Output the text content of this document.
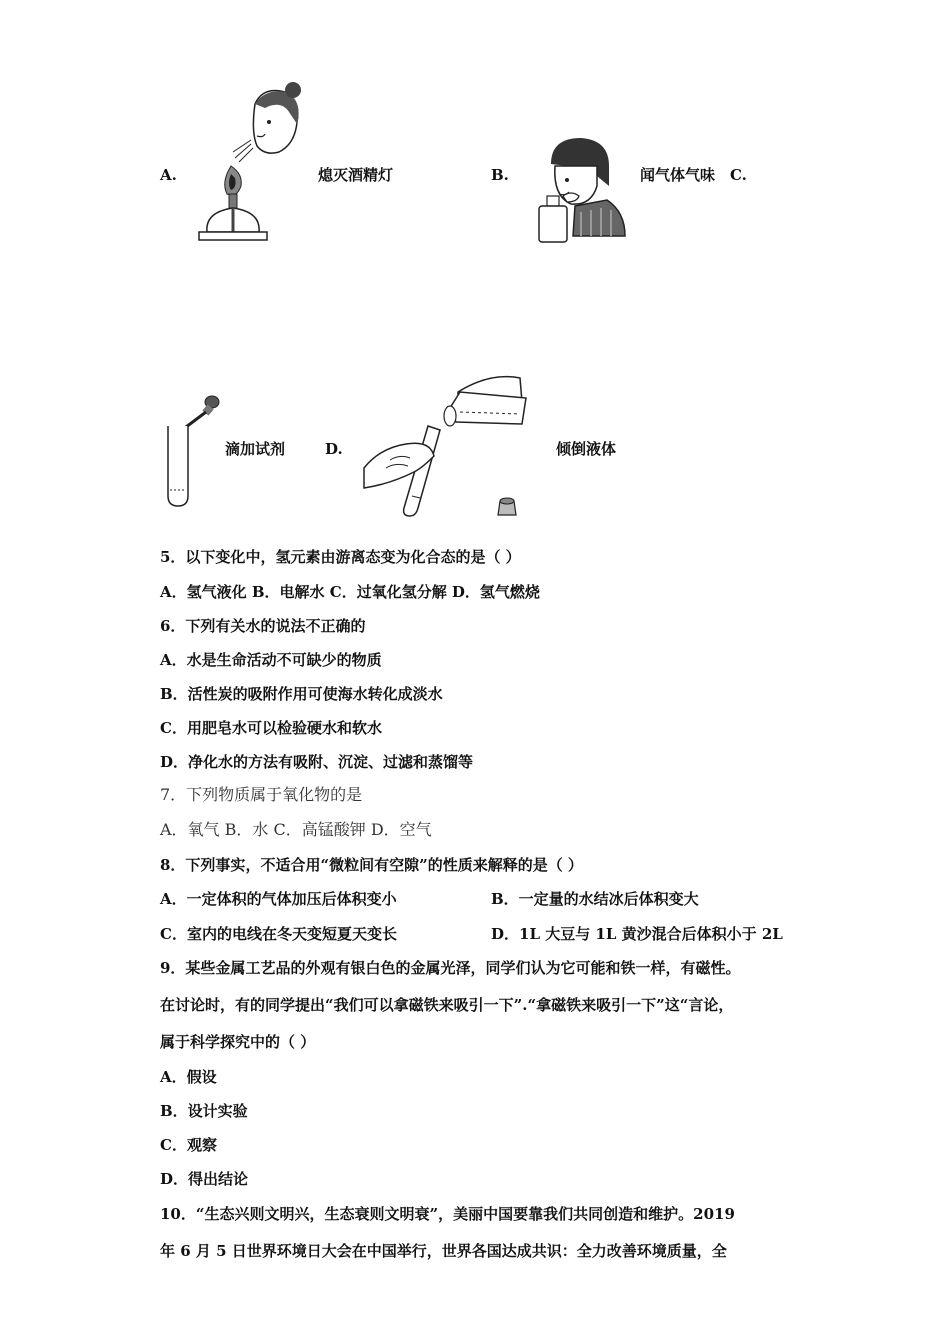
A.	熄灭酒精灯	B.	闻气体气味 C.
滴加试剂	D.	倾倒液体
5．以下变化中，氢元素由游离态变为化合态的是（ ）
A．氢气液化 B．电解水 C．过氧化氢分解 D．氢气燃烧
6．下列有关水的说法不正确的
A．水是生命活动不可缺少的物质
B．活性炭的吸附作用可使海水转化成淡水
C．用肥皂水可以检验硬水和软水
D．净化水的方法有吸附、沉淀、过滤和蒸馏等
7．下列物质属于氧化物的是
A．氧气 B．水 C．高锰酸钾 D．空气
8．下列事实，不适合用“微粒间有空隙”的性质来解释的是（ ）
A．一定体积的气体加压后体积变小	B．一定量的水结冰后体积变大
C．室内的电线在冬天变短夏天变长	D．1L 大豆与 1L 黄沙混合后体积小于 2L
9．某些金属工艺品的外观有银白色的金属光泽，同学们认为它可能和铁一样，有磁性。
在讨论时，有的同学提出“我们可以拿磁铁来吸引一下”.“拿磁铁来吸引一下”这“言论，
属于科学探究中的（ ）
A．假设
B．设计实验
C．观察
D．得出结论
10．“生态兴则文明兴，生态衰则文明衰”，美丽中国要靠我们共同创造和维护。2019
年 6 月 5 日世界环境日大会在中国举行，世界各国达成共识：全力改善环境质量，全
